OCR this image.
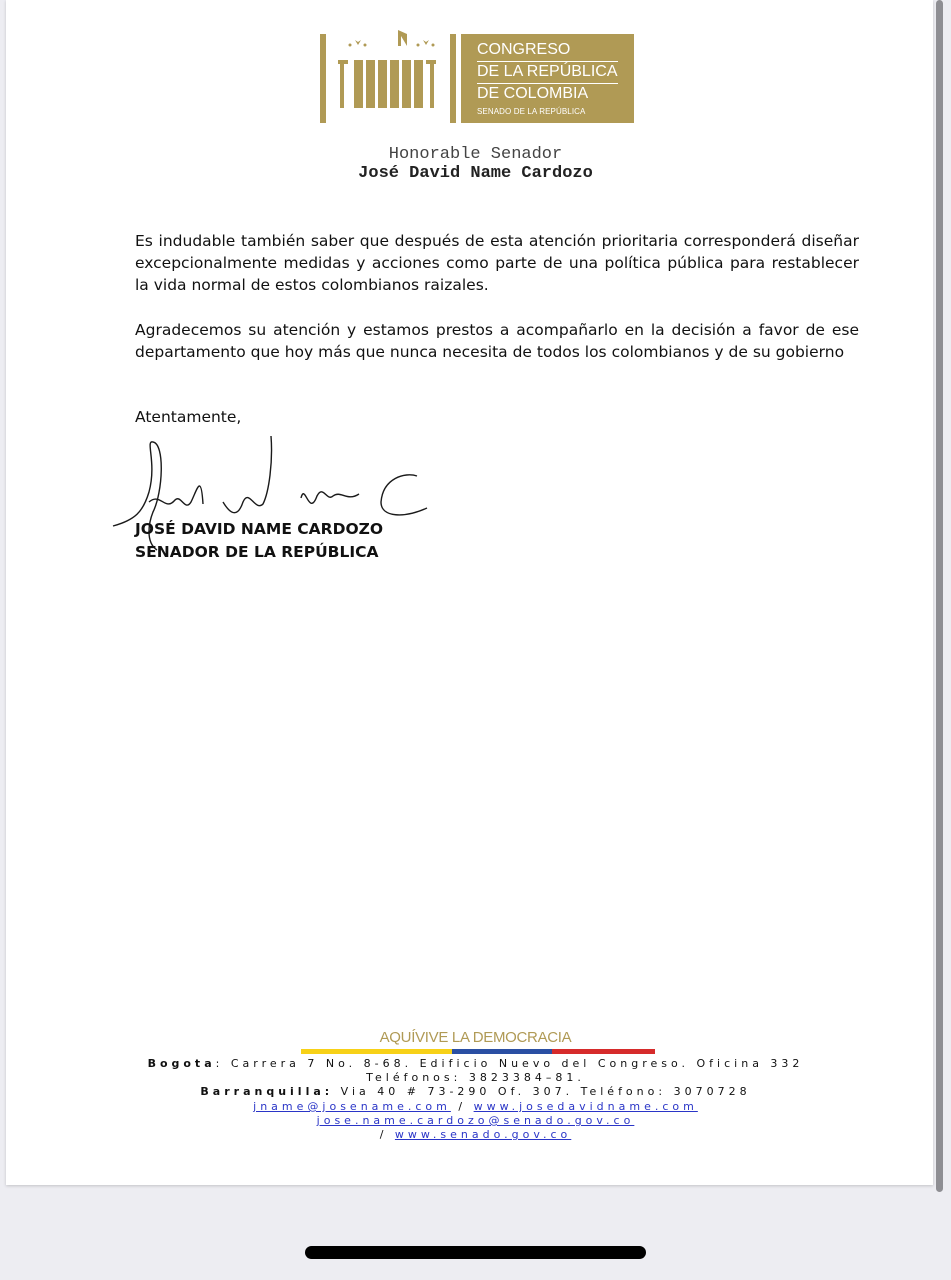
CONGRESO
DE LA REPÚBLICA
DE COLOMBIA
SENADO DE LA REPÚBLICA
Honorable Senador
José David Name Cardozo

Es indudable también saber que después de esta atención prioritaria corresponderá diseñar excepcionalmente medidas y acciones como parte de una política pública para restablecer la vida normal de estos colombianos raizales.

Agradecemos su atención y estamos prestos a acompañarlo en la decisión a favor de ese departamento que hoy más que nunca necesita de todos los colombianos y de su gobierno

Atentamente,
JOSÉ DAVID NAME CARDOZO
SENADOR DE LA REPÚBLICA
AQUÍVIVE LA DEMOCRACIA
Bogota: Carrera 7 No. 8-68. Edificio Nuevo del Congreso. Oficina 332
Teléfonos: 3823384–81.
Barranquilla: Via 40 # 73-290 Of. 307. Teléfono: 3070728
jname@josename.com / www.josedavidname.com
jose.name.cardozo@senado.gov.co
/ www.senado.gov.co
